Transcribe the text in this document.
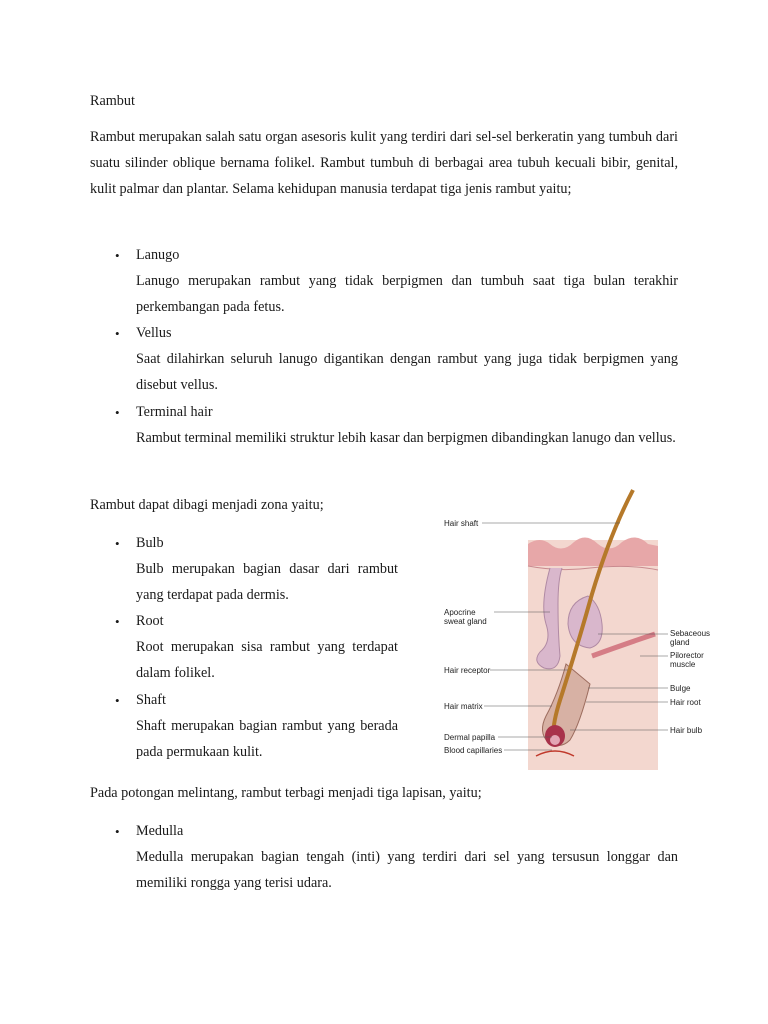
Rambut
Rambut merupakan salah satu organ asesoris kulit yang terdiri dari sel-sel berkeratin yang tumbuh dari suatu silinder oblique bernama folikel. Rambut tumbuh di berbagai area tubuh kecuali bibir, genital, kulit palmar dan plantar. Selama kehidupan manusia terdapat tiga jenis rambut yaitu;
• Lanugo
Lanugo merupakan rambut yang tidak berpigmen dan tumbuh saat tiga bulan terakhir perkembangan pada fetus.
• Vellus
Saat dilahirkan seluruh lanugo digantikan dengan rambut yang juga tidak berpigmen yang disebut vellus.
• Terminal hair
Rambut terminal memiliki struktur lebih kasar dan berpigmen dibandingkan lanugo dan vellus.
Rambut dapat dibagi menjadi zona yaitu;
• Bulb
Bulb merupakan bagian dasar dari rambut yang terdapat pada dermis.
• Root
Root merupakan sisa rambut yang terdapat dalam folikel.
• Shaft
Shaft merupakan bagian rambut yang berada pada permukaan kulit.
Pada potongan melintang, rambut terbagi menjadi tiga lapisan, yaitu;
• Medulla
Medulla merupakan bagian tengah (inti) yang terdiri dari sel yang tersusun longgar dan memiliki rongga yang terisi udara.
Hair shaft
Apocrine
sweat gland
Hair receptor
Hair matrix
Dermal papilla
Blood capillaries
Sebaceous
gland
Pilorector
muscle
Bulge
Hair root
Hair bulb
